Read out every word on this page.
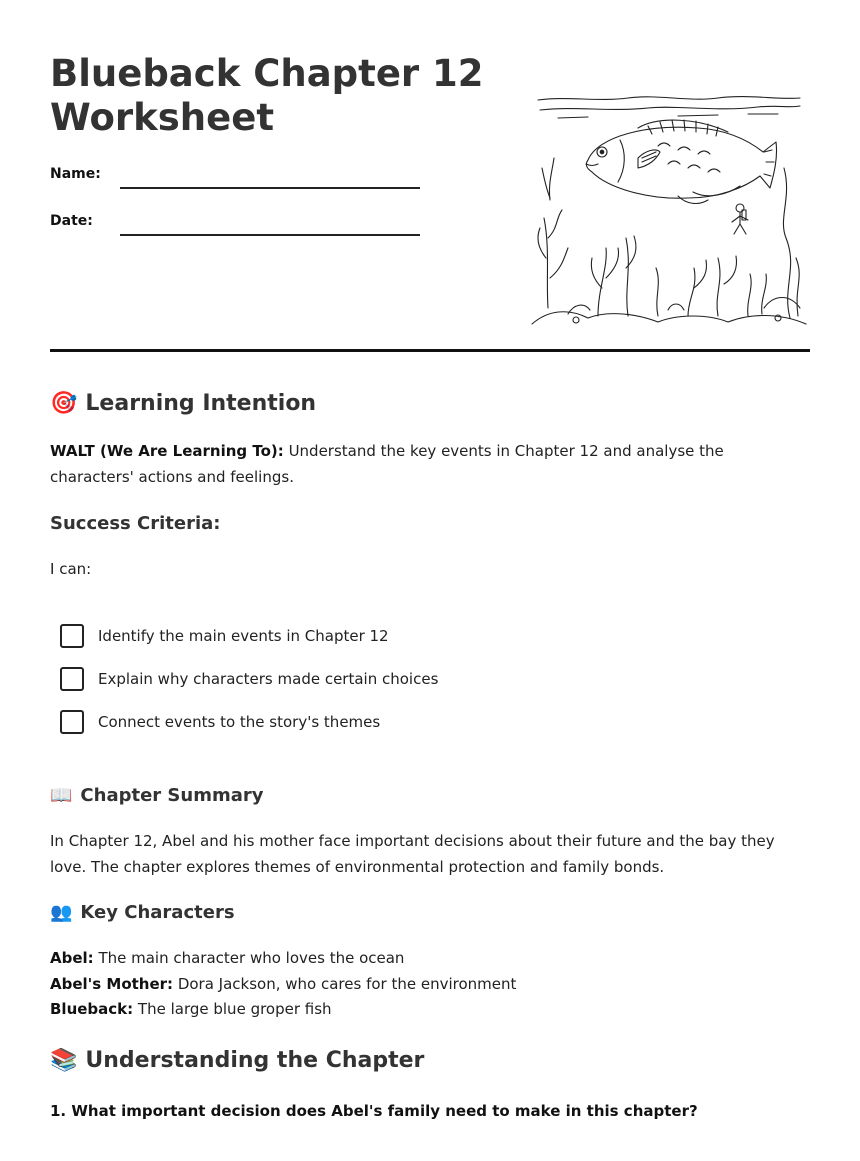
Blueback Chapter 12 Worksheet
Name:
Date:
🎯 Learning Intention

WALT (We Are Learning To): Understand the key events in Chapter 12 and analyse the characters' actions and feelings.

Success Criteria:

I can:

Identify the main events in Chapter 12
Explain why characters made certain choices
Connect events to the story's themes
📖 Chapter Summary

In Chapter 12, Abel and his mother face important decisions about their future and the bay they love. The chapter explores themes of environmental protection and family bonds.

👥 Key Characters
Abel: The main character who loves the ocean
Abel's Mother: Dora Jackson, who cares for the environment
Blueback: The large blue groper fish
📚 Understanding the Chapter

1. What important decision does Abel's family need to make in this chapter?
